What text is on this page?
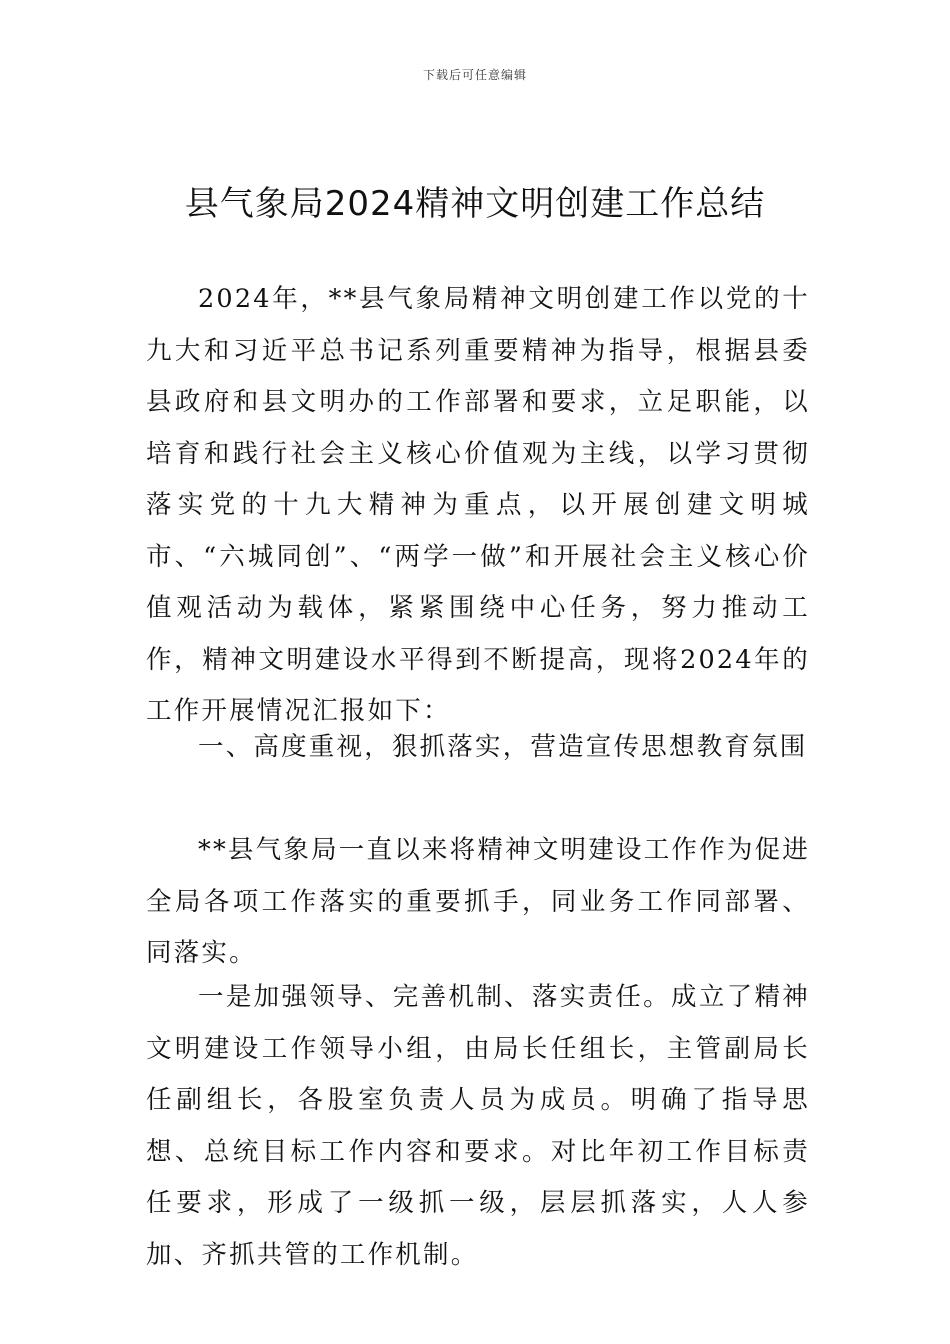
下载后可任意编辑
县气象局2024精神文明创建工作总结

2024年，**县气象局精神文明创建工作以党的十九大和习近平总书记系列重要精神为指导，根据县委县政府和县文明办的工作部署和要求，立足职能，以培育和践行社会主义核心价值观为主线，以学习贯彻落实党的十九大精神为重点，以开展创建文明城市、“六城同创”、“两学一做”和开展社会主义核心价值观活动为载体，紧紧围绕中心任务，努力推动工作，精神文明建设水平得到不断提高，现将2024年的工作开展情况汇报如下：

一、高度重视，狠抓落实，营造宣传思想教育氛围

**县气象局一直以来将精神文明建设工作作为促进全局各项工作落实的重要抓手，同业务工作同部署、同落实。

一是加强领导、完善机制、落实责任。成立了精神文明建设工作领导小组，由局长任组长，主管副局长任副组长，各股室负责人员为成员。明确了指导思想、总统目标工作内容和要求。对比年初工作目标责任要求，形成了一级抓一级，层层抓落实，人人参加、齐抓共管的工作机制。
